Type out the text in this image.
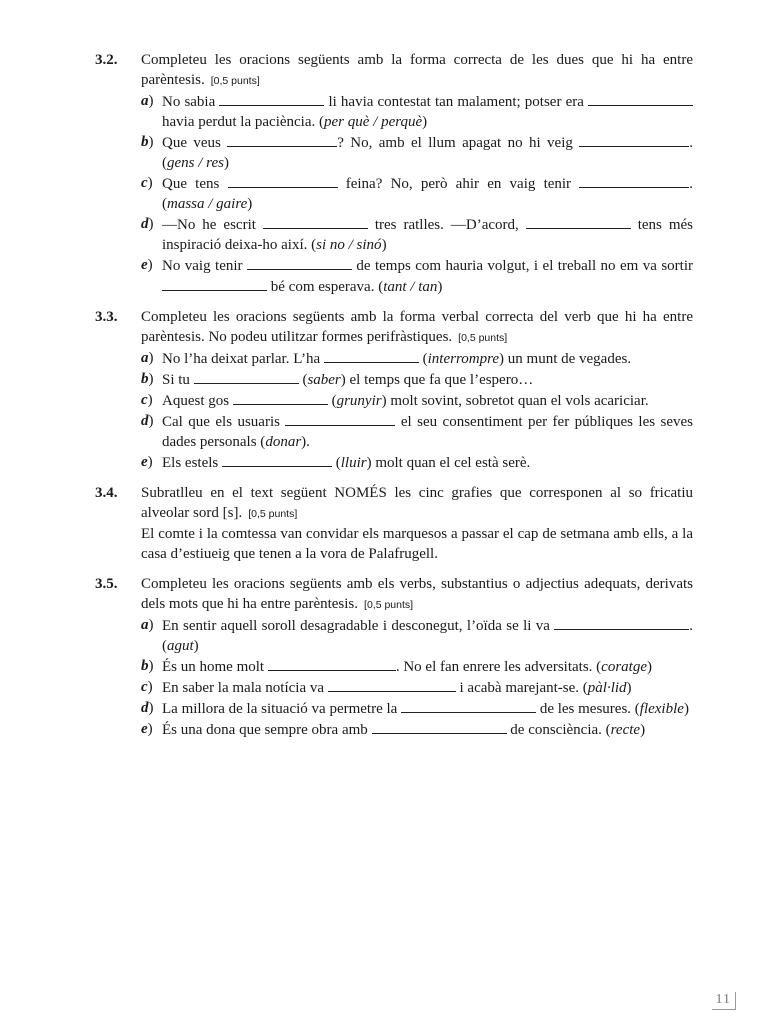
3.2. Completeu les oracions següents amb la forma correcta de les dues que hi ha entre parèntesis. [0,5 punts]
a) No sabia	li havia contestat tan malament; potser era  havia perdut la paciència. (per què / perquè)
b) Que veus	? No, amb el llum apagat no hi veig	. (gens / res)
c) Que tens	feina? No, però ahir en vaig tenir	. (massa / gaire)
d) —No he escrit	tres ratlles. —D’acord,	tens més inspiració deixa-ho així. (si no / sinó)
e) No vaig tenir	de temps com hauria volgut, i el treball no em va sortir  bé com esperava. (tant / tan)
3.3. Completeu les oracions següents amb la forma verbal correcta del verb que hi ha entre parèntesis. No podeu utilitzar formes perifràstiques. [0,5 punts]
a) No l’ha deixat parlar. L’ha	(interrompre) un munt de vegades.
b) Si tu	(saber) el temps que fa que l’espero…
c) Aquest gos	(grunyir) molt sovint, sobretot quan el vols acariciar.
d) Cal que els usuaris	el seu consentiment per fer públiques les seves dades personals (donar).
e) Els estels	(lluir) molt quan el cel està serè.
3.4. Subratlleu en el text següent NOMÉS les cinc grafies que corresponen al so fricatiu alveolar sord [s]. [0,5 punts]
El comte i la comtessa van convidar els marquesos a passar el cap de setmana amb ells, a la casa d’estiueig que tenen a la vora de Palafrugell.
3.5. Completeu les oracions següents amb els verbs, substantius o adjectius adequats, derivats dels mots que hi ha entre parèntesis. [0,5 punts]
a) En sentir aquell soroll desagradable i desconegut, l’oïda se li va	. (agut)
b) És un home molt	. No el fan enrere les adversitats. (coratge)
c) En saber la mala notícia va	i acabà marejant-se. (pàl·lid)
d) La millora de la situació va permetre la	de les mesures. (flexible)
e) És una dona que sempre obra amb	de consciència. (recte)
11
